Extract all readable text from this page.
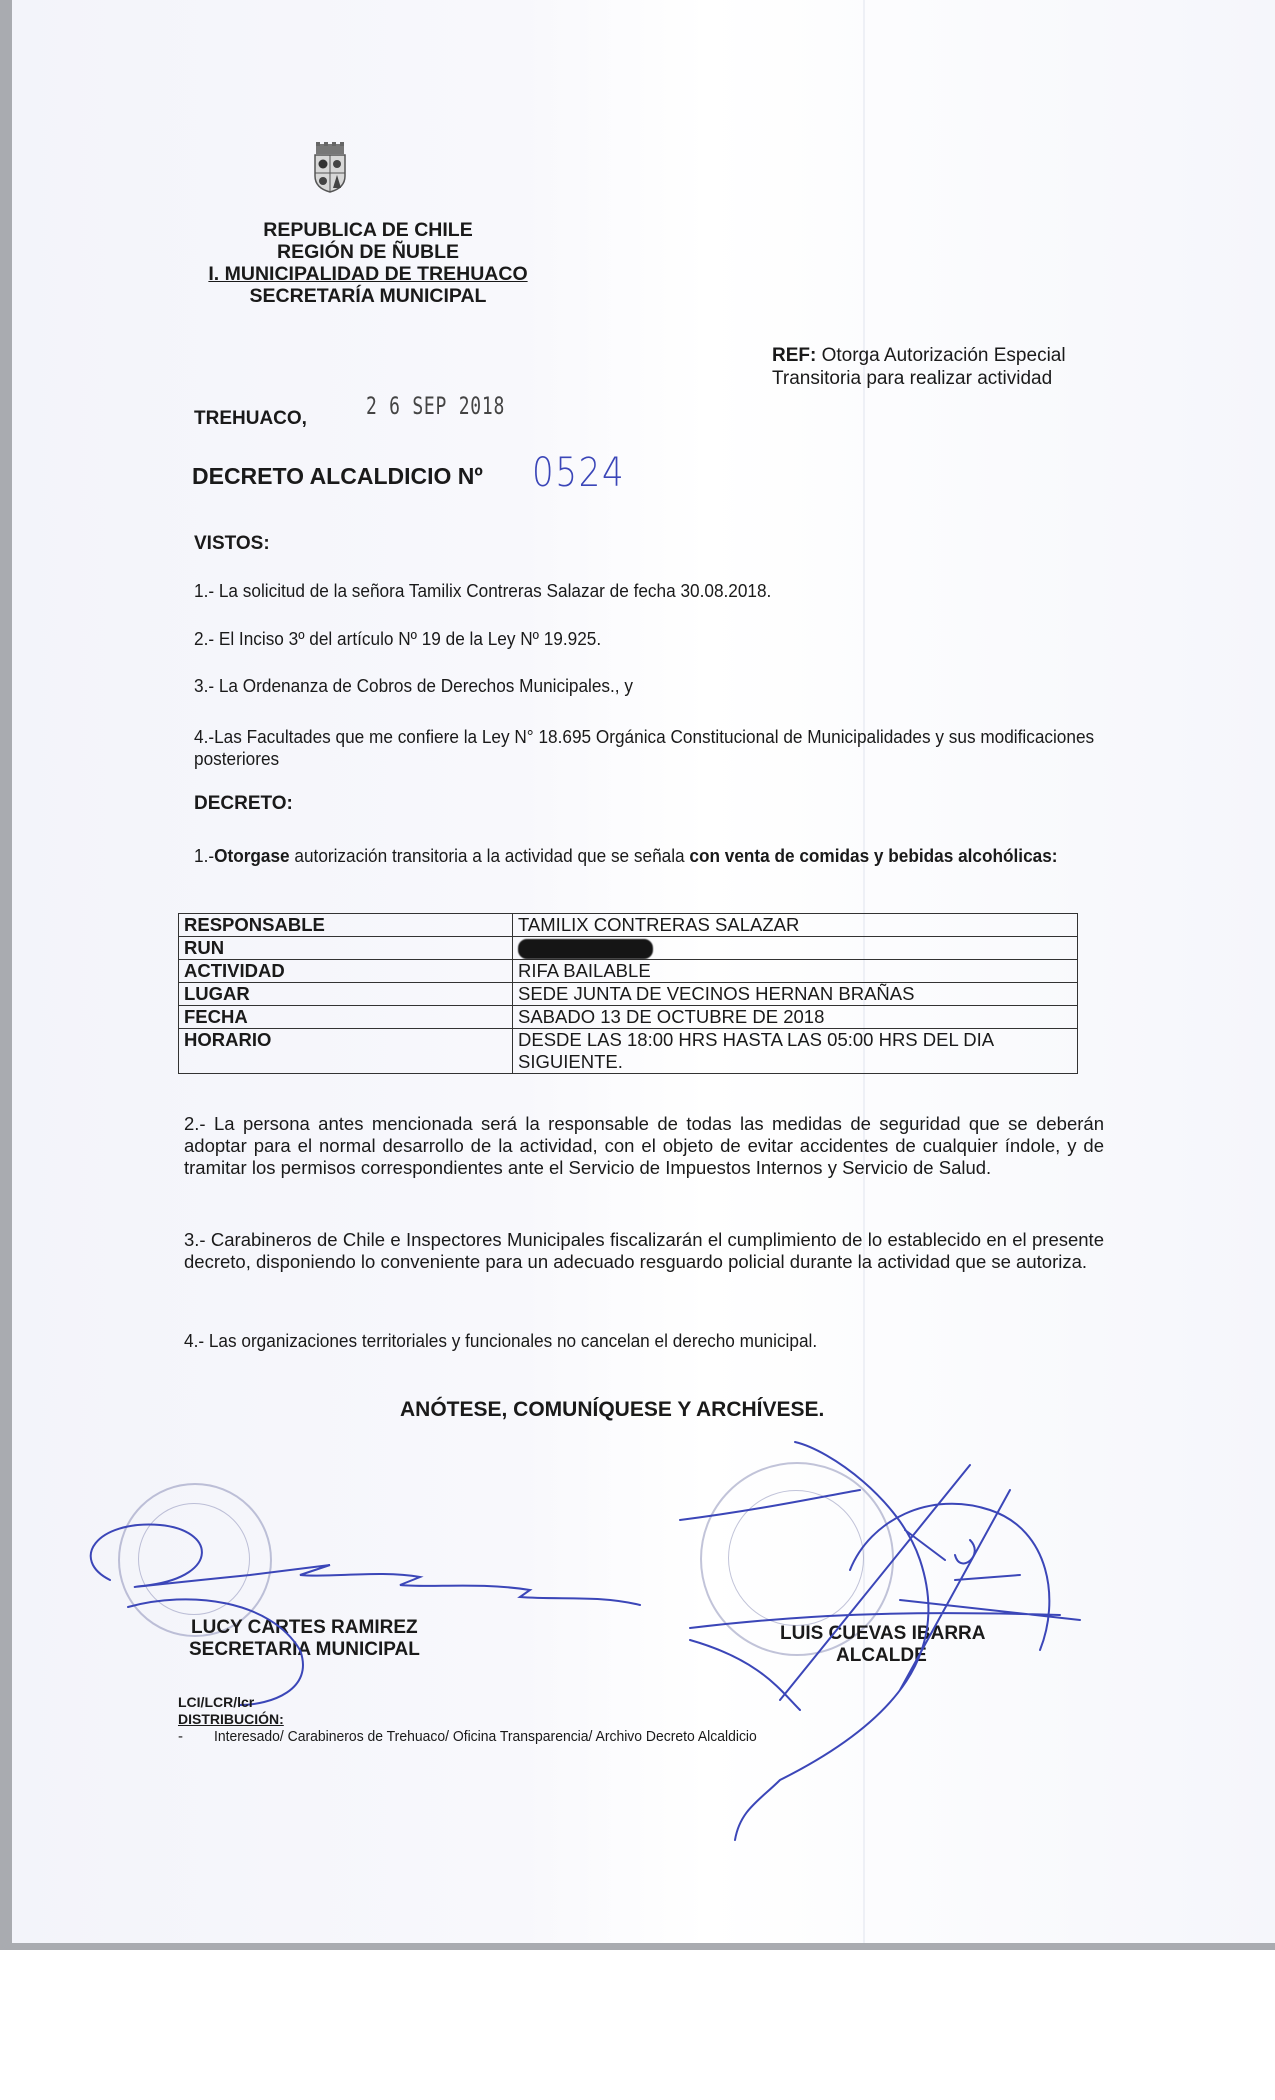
REPUBLICA DE CHILE
REGIÓN DE ÑUBLE
I. MUNICIPALIDAD DE TREHUACO
SECRETARÍA MUNICIPAL
REF: Otorga Autorización Especial
Transitoria para realizar actividad
TREHUACO, 2 6 SEP 2018
DECRETO ALCALDICIO Nº 0524
VISTOS:
1.- La solicitud de la señora Tamilix Contreras Salazar de fecha 30.08.2018.
2.- El Inciso 3º del artículo Nº 19 de la Ley Nº 19.925.
3.- La Ordenanza de Cobros de Derechos Municipales., y
4.-Las Facultades que me confiere la Ley N° 18.695 Orgánica Constitucional de Municipalidades y sus modificaciones posteriores
DECRETO:
1.-Otorgase autorización transitoria a la actividad que se señala con venta de comidas y bebidas alcohólicas:
RESPONSABLE	TAMILIX CONTRERAS SALAZAR
RUN	
ACTIVIDAD	RIFA BAILABLE
LUGAR	SEDE JUNTA DE VECINOS HERNAN BRAÑAS
FECHA	SABADO 13 DE OCTUBRE DE 2018
HORARIO	DESDE LAS 18:00 HRS HASTA LAS 05:00 HRS DEL DIA SIGUIENTE.
2.- La persona antes mencionada será la responsable de todas las medidas de seguridad que se deberán adoptar para el normal desarrollo de la actividad, con el objeto de evitar accidentes de cualquier índole, y de tramitar los permisos correspondientes ante el Servicio de Impuestos Internos y Servicio de Salud.
3.- Carabineros de Chile e Inspectores Municipales fiscalizarán el cumplimiento de lo establecido en el presente decreto, disponiendo lo conveniente para un adecuado resguardo policial durante la actividad que se autoriza.
4.- Las organizaciones territoriales y funcionales no cancelan el derecho municipal.
ANÓTESE, COMUNÍQUESE Y ARCHÍVESE.
LUCY CARTES RAMIREZ
SECRETARIA MUNICIPAL
LUIS CUEVAS IBARRA
ALCALDE
LCI/LCR/lcr
DISTRIBUCIÓN:
- Interesado/ Carabineros de Trehuaco/ Oficina Transparencia/ Archivo Decreto Alcaldicio
